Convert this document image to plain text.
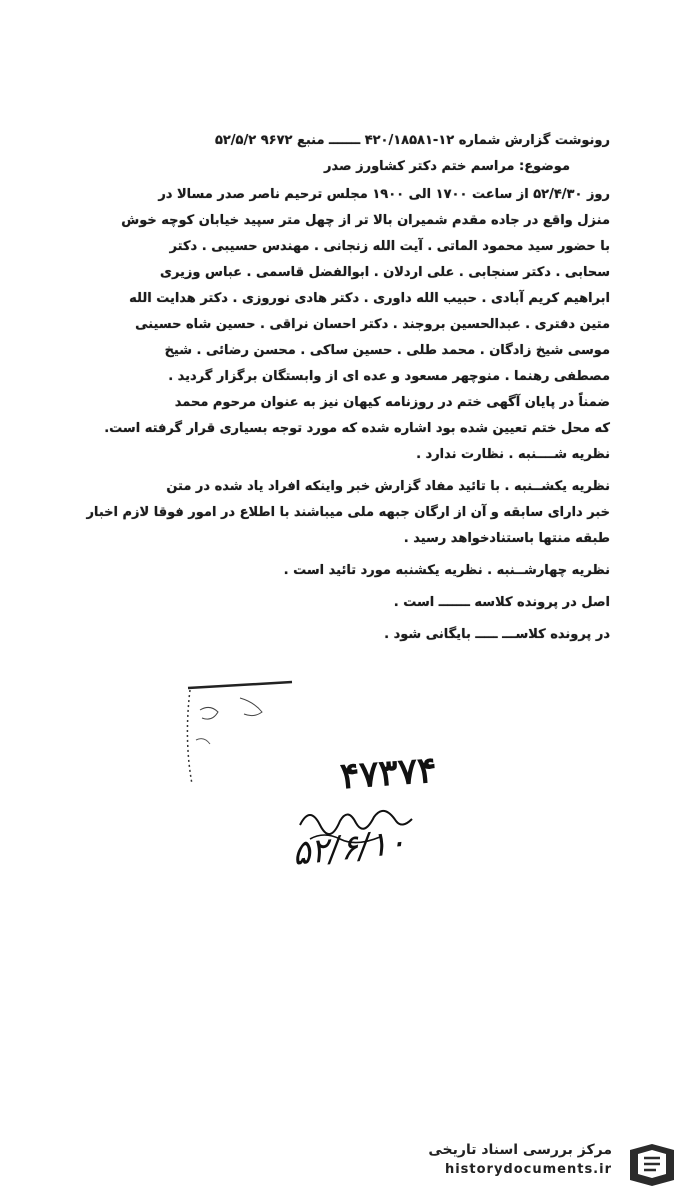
رونوشت گزارش شماره ۱۲-۴۲۰/۱۸۵۸۱ ـــــــ منبع ۹۶۷۲ ۵۲/۵/۲
موضوع: مراسم ختم دکتر کشاورز صدر
روز ۵۲/۴/۳۰ از ساعت ۱۷۰۰ الی ۱۹۰۰ مجلس ترحیم ناصر صدر مسالا در
منزل واقع در جاده مقدم شمیران بالا تر از چهل متر سپید خیابان کوچه خوش
با حضور سید محمود الماتی . آیت الله زنجانی . مهندس حسیبی . دکتر
سحابی . دکتر سنجابی . علی اردلان . ابوالفضل قاسمی . عباس وزیری
ابراهیم کریم آبادی . حبیب الله داوری . دکتر هادی نوروزی . دکتر هدایت الله
متین دفتری . عبدالحسین بروجند . دکتر احسان نراقی . حسین شاه حسینی
موسی شیخ زادگان . محمد طلی . حسین ساکی . محسن رضائی . شیخ
مصطفی رهنما . منوچهر مسعود و عده ای از وابستگان برگزار گردید .
ضمناً در پایان آگهی ختم در روزنامه کیهان نیز به عنوان مرحوم محمد
که محل ختم تعیین شده بود اشاره شده که مورد توجه بسیاری قرار گرفته است.
نظریه شــــنبه . نظارت ندارد .
نظریه یکشــنبه . با تائید مفاد گزارش خبر واینکه افراد یاد شده در متن
خبر دارای سابقه و آن از ارگان جبهه ملی میباشند با اطلاع در امور فوقا لازم اخبار
طبقه منتها باستنادخواهد رسید .
نظریه چهارشــنبه . نظریه یکشنبه مورد تائید است .
اصل در پرونده کلاسه ـــــــ است .
در پرونده کلاســـ ـــــ بایگانی شود .
۴۷۳۷۴
۵۲/۶/۱۰
مرکز بررسی اسناد تاریخی
historydocuments.ir
